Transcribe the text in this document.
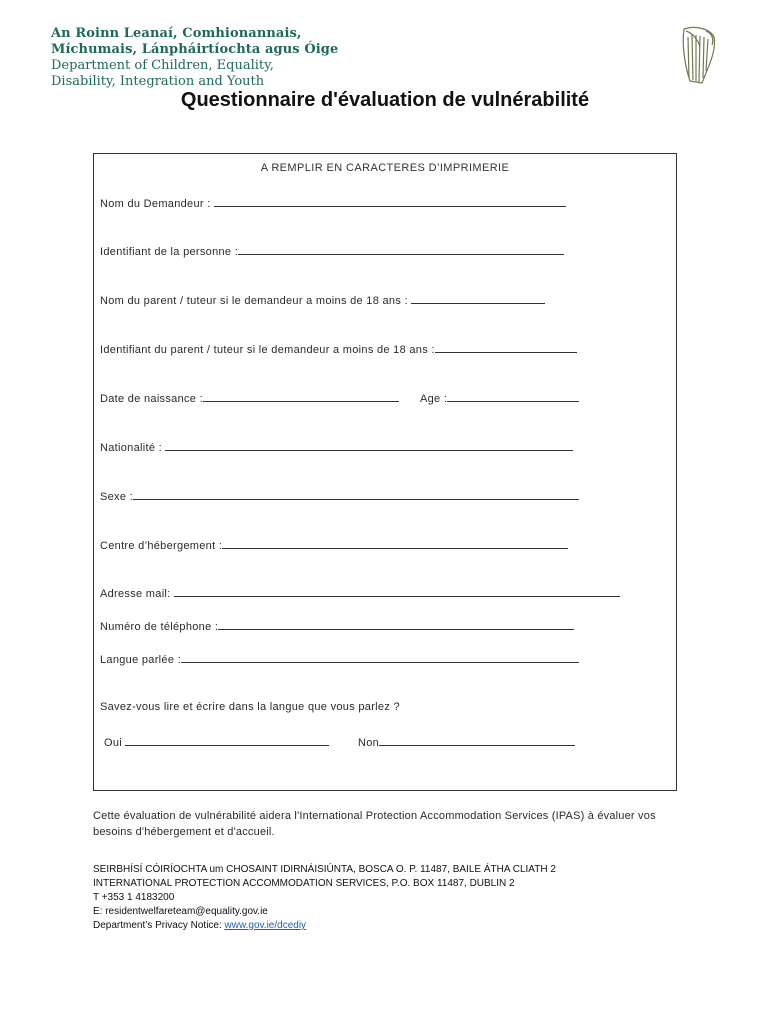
An Roinn Leanaí, Comhionannais,
Míchumais, Lánpháirtíochta agus Óige
Department of Children, Equality,
Disability, Integration and Youth
Questionnaire d'évaluation de vulnérabilité
A REMPLIR EN CARACTERES D’IMPRIMERIE
Nom du Demandeur :
Identifiant de la personne :
Nom du parent / tuteur si le demandeur a moins de 18 ans :
Identifiant du parent / tuteur si le demandeur a moins de 18 ans :
Date de naissance :	Age :
Nationalité :
Sexe :
Centre d’hébergement :
Adresse mail:
Numéro de téléphone :
Langue parlée :
Savez-vous lire et écrire dans la langue que vous parlez ?
Oui	Non
Cette évaluation de vulnérabilité aidera l'International Protection Accommodation Services (IPAS) à évaluer vos besoins d'hébergement et d'accueil.
SEIRBHÍSÍ CÓIRÍOCHTA um CHOSAINT IDIRNÁISIÚNTA, BOSCA O. P. 11487, BAILE ÁTHA CLIATH 2
INTERNATIONAL PROTECTION ACCOMMODATION SERVICES, P.O. BOX 11487, DUBLIN 2
T +353 1 4183200
E: residentwelfareteam@equality.gov.ie
Department’s Privacy Notice: www.gov.ie/dcediy
